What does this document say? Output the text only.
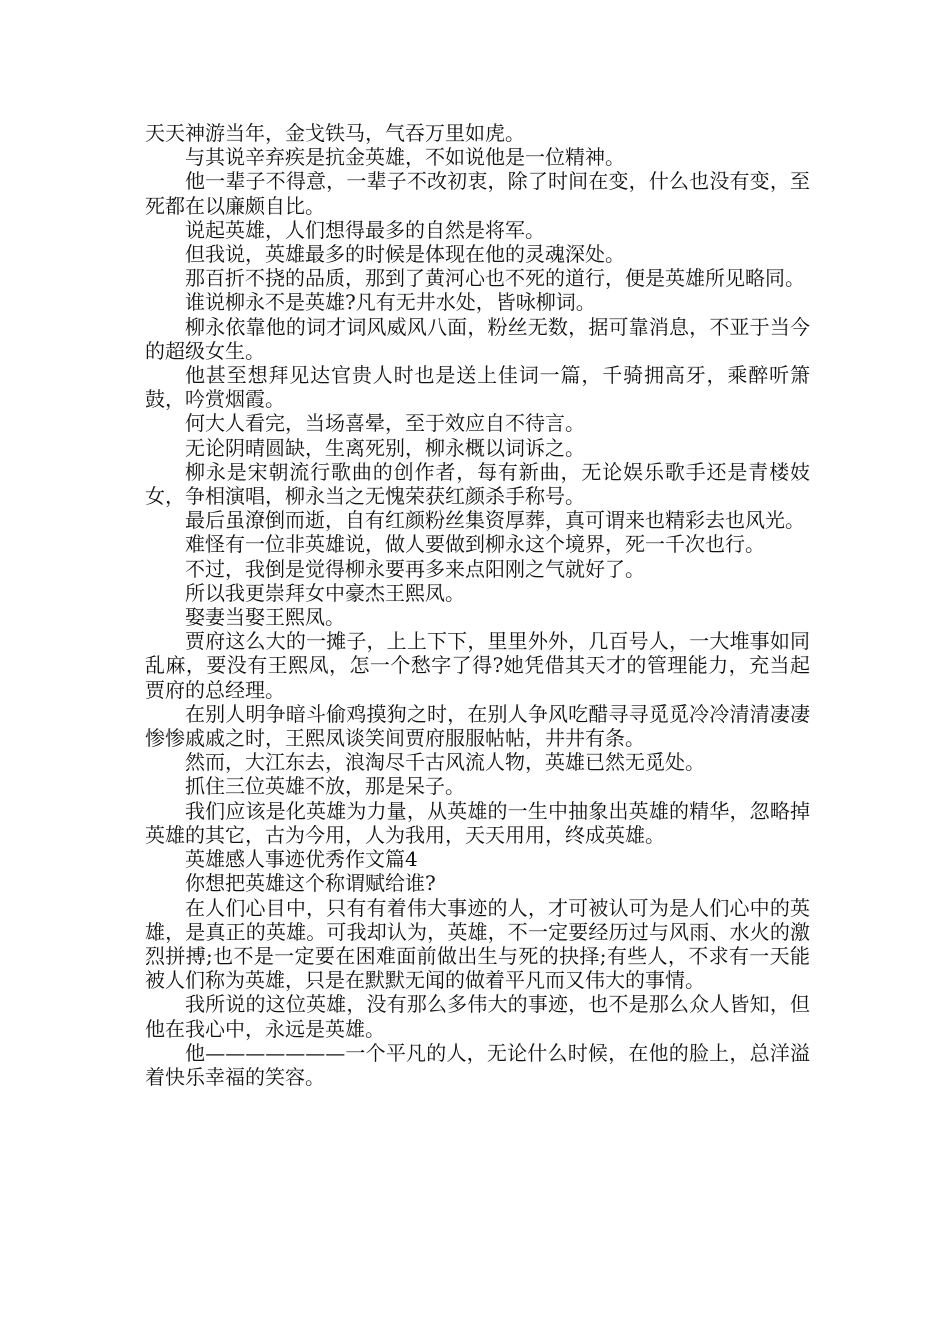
天天神游当年，金戈铁马，气吞万里如虎。

与其说辛弃疾是抗金英雄，不如说他是一位精神。

他一辈子不得意，一辈子不改初衷，除了时间在变，什么也没有变，至死都在以廉颇自比。

说起英雄，人们想得最多的自然是将军。

但我说，英雄最多的时候是体现在他的灵魂深处。

那百折不挠的品质，那到了黄河心也不死的道行，便是英雄所见略同。

谁说柳永不是英雄?凡有无井水处，皆咏柳词。

柳永依靠他的词才词风威风八面，粉丝无数，据可靠消息，不亚于当今的超级女生。

他甚至想拜见达官贵人时也是送上佳词一篇，千骑拥高牙，乘醉听箫鼓，吟赏烟霞。

何大人看完，当场喜晕，至于效应自不待言。

无论阴晴圆缺，生离死别，柳永概以词诉之。

柳永是宋朝流行歌曲的创作者，每有新曲，无论娱乐歌手还是青楼妓女，争相演唱，柳永当之无愧荣获红颜杀手称号。

最后虽潦倒而逝，自有红颜粉丝集资厚葬，真可谓来也精彩去也风光。

难怪有一位非英雄说，做人要做到柳永这个境界，死一千次也行。

不过，我倒是觉得柳永要再多来点阳刚之气就好了。

所以我更崇拜女中豪杰王熙凤。

娶妻当娶王熙凤。

贾府这么大的一摊子，上上下下，里里外外，几百号人，一大堆事如同乱麻，要没有王熙凤，怎一个愁字了得?她凭借其天才的管理能力，充当起贾府的总经理。

在别人明争暗斗偷鸡摸狗之时，在别人争风吃醋寻寻觅觅冷冷清清凄凄惨惨戚戚之时，王熙凤谈笑间贾府服服帖帖，井井有条。

然而，大江东去，浪淘尽千古风流人物，英雄已然无觅处。

抓住三位英雄不放，那是呆子。

我们应该是化英雄为力量，从英雄的一生中抽象出英雄的精华，忽略掉英雄的其它，古为今用，人为我用，天天用用，终成英雄。

英雄感人事迹优秀作文篇4

你想把英雄这个称谓赋给谁?

在人们心目中，只有有着伟大事迹的人，才可被认可为是人们心中的英雄，是真正的英雄。可我却认为，英雄，不一定要经历过与风雨、水火的激烈拼搏;也不是一定要在困难面前做出生与死的抉择;有些人，不求有一天能被人们称为英雄，只是在默默无闻的做着平凡而又伟大的事情。

我所说的这位英雄，没有那么多伟大的事迹，也不是那么众人皆知，但他在我心中，永远是英雄。

他———————一个平凡的人，无论什么时候，在他的脸上，总洋溢着快乐幸福的笑容。
